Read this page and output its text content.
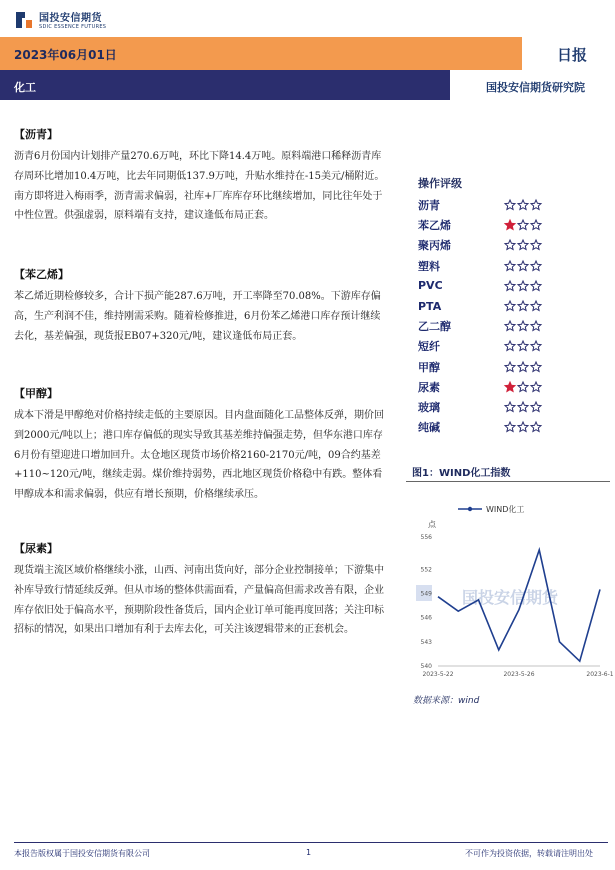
国投安信期货
SDIC ESSENCE FUTURES
2023年06月01日	日报
化工	国投安信期货研究院
【沥青】
沥青6月份国内计划排产量270.6万吨，环比下降14.4万吨。原料端港口稀释沥青库存周环比增加10.4万吨，比去年同期低137.9万吨，升贴水维持在-15美元/桶附近。南方即将进入梅雨季，沥青需求偏弱，社库+厂库库存环比继续增加，同比往年处于中性位置。供强虚弱，原料端有支持，建议逢低布局正套。
【苯乙烯】
苯乙烯近期检修较多，合计下损产能287.6万吨，开工率降至70.08%。下游库存偏高，生产利润不佳，维持刚需采购。随着检修推进，6月份苯乙烯港口库存预计继续去化，基差偏强，现货报EB07+320元/吨，建议逢低布局正套。
【甲醇】
成本下滑是甲醇绝对价格持续走低的主要原因。目内盘面随化工品整体反弹，期价回到2000元/吨以上；港口库存偏低的现实导致其基差维持偏强走势，但华东港口库存6月份有望迎进口增加回升。太仓地区现货市场价格2160-2170元/吨，09合约基差+110~120元/吨，继续走弱。煤价维持弱势，西北地区现货价格稳中有跌。整体看甲醇成本和需求偏弱，供应有增长预期，价格继续承压。
【尿素】
现货端主流区域价格继续小涨，山西、河南出货向好，部分企业控制接单；下游集中补库导致行情延续反弹。但从市场的整体供需面看，产量偏高但需求改善有限，企业库存依旧处于偏高水平，预期阶段性备货后，国内企业订单可能再度回落；关注印标招标的情况，如果出口增加有利于去库去化，可关注该逻辑带来的正套机会。
操作评级
沥青
苯乙烯
聚丙烯
塑料
PVC
PTA
乙二醇
短纤
甲醇
尿素
玻璃
纯碱
图1：WIND化工指数
国投安信期货
WIND化工
点
540
543
546
549
552
556
2023-5-22	2023-5-26	2023-6-1
数据来源：wind
本报告版权属于国投安信期货有限公司	1	不可作为投资依据，转载请注明出处
